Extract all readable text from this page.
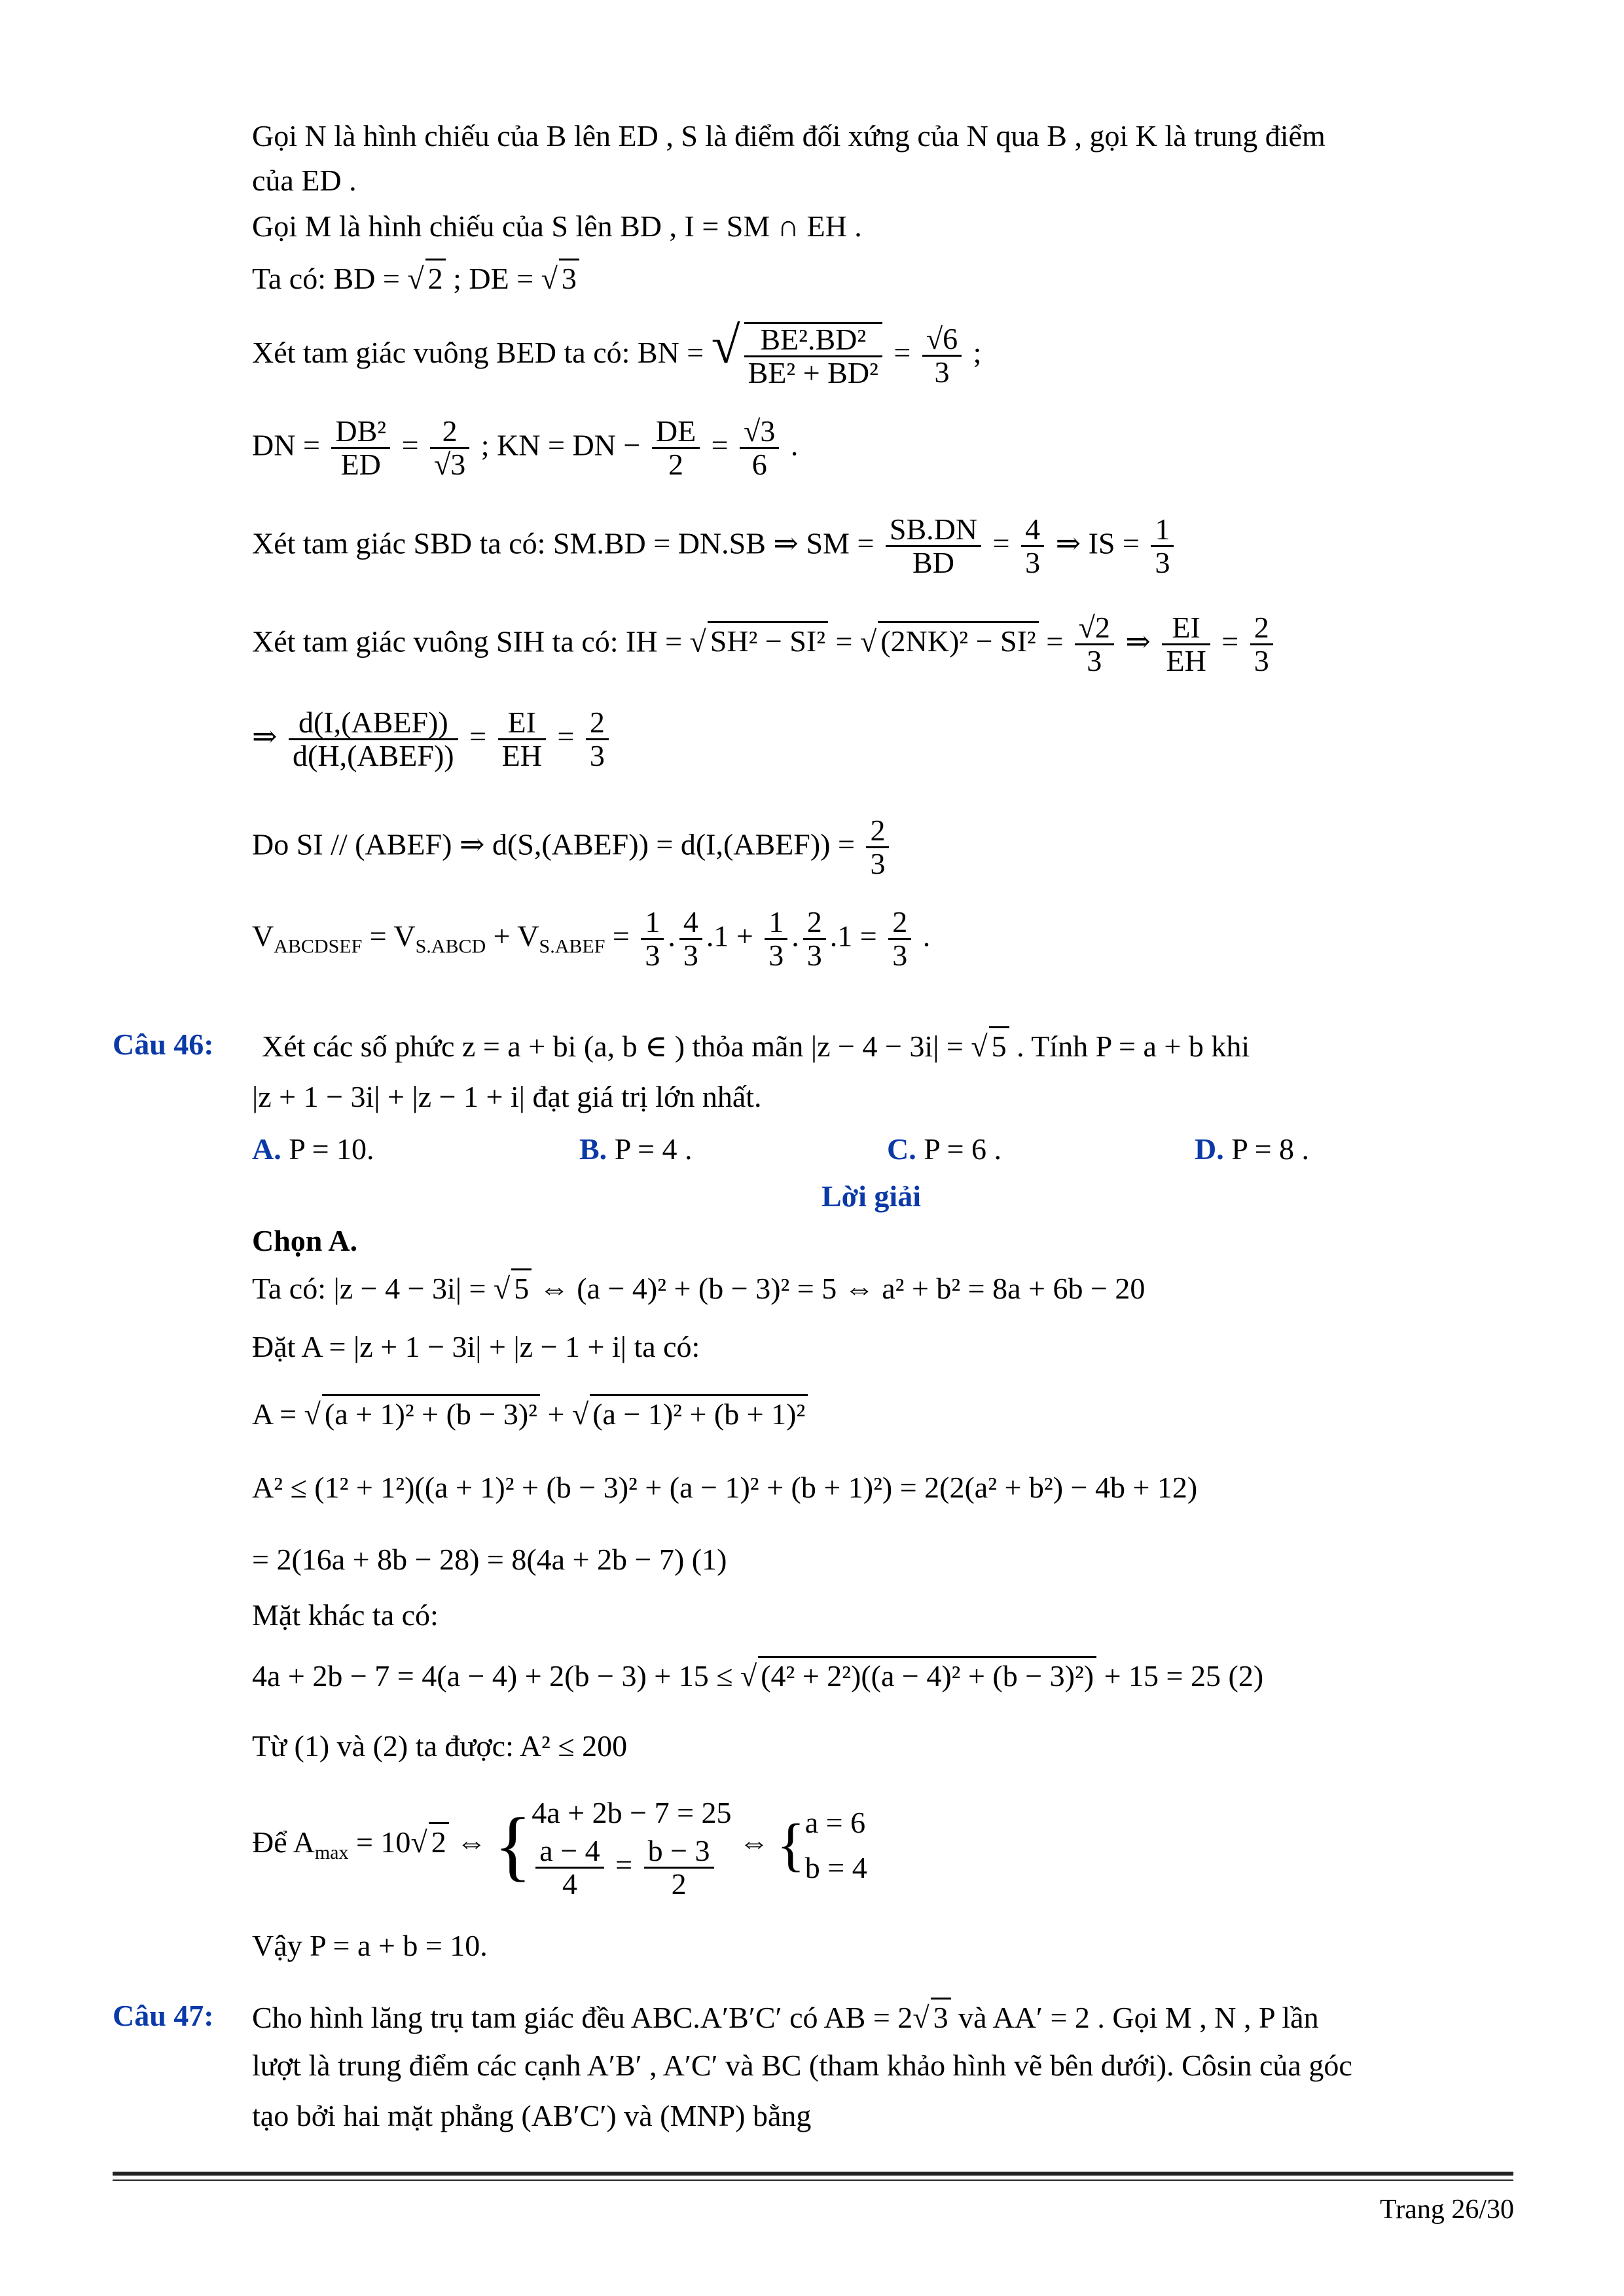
Gọi N là hình chiếu của B lên ED , S là điểm đối xứng của N qua B , gọi K là trung điểm
của ED .
Gọi M là hình chiếu của S lên BD , I = SM ∩ EH .
Ta có: BD = √ 2 ; DE = √ 3
Xét tam giác vuông BED ta có: BN = √ $\frac{\text{BE².BD²}}{\text{BE² + BD²}} = \frac{√6}{3}$ ;
DN = $\frac{\text{DB²}}{ED} = \frac{2}{√3}$ ; KN = DN − $\frac{DE}{2} = \frac{√3}{6}$ .
Xét tam giác SBD ta có: SM.BD = DN.SB ⇒ SM = $\frac{SB.DN}{BD} = \frac{4}{3}$ ⇒ IS = $\frac{1}{3}$
Xét tam giác vuông SIH ta có: IH = √ SH² − SI² = √ $(2NK)^2 - SI^2 = \frac{√2}{3}$ ⇒ $\frac{EI}{EH} = \frac{2}{3}$
⇒ $\frac{\text{d(I,(ABEF))}}{\text{d(H,(ABEF))}} = \frac{EI}{EH} = \frac{2}{3}$
Do SI // (ABEF) ⇒ d(S,(ABEF)) = d(I,(ABEF)) = $\frac{2}{3}$
$V_{ABCDSEF} = V_{S.ABCD} + V_{S.ABEF} = \frac{1}{3}$ . $\frac{4}{3} .1 + \frac{1}{3}$ . $\frac{2}{3} .1 = \frac{2}{3}$ .
Câu 46: Xét các số phức z = a + bi (a, b ∈ ) thỏa mãn |z − 4 − 3i| = √ 5 . Tính P = a + b khi
|z + 1 − 3i| + |z − 1 + i| đạt giá trị lớn nhất.
A. P = 10.	B. P = 4 .	C. P = 6 .	D. P = 8 .
Lời giải
Chọn A.
Ta có: |z − 4 − 3i| = √ 5 ⇔ (a − 4)² + (b − 3)² = 5 ⇔ a² + b² = 8a + 6b − 20
Đặt A = |z + 1 − 3i| + |z − 1 + i| ta có:
A = √ (a + 1)² + (b − 3)² + √ (a − 1)² + (b + 1)²
A² ≤ (1² + 1²)((a + 1)² + (b − 3)² + (a − 1)² + (b + 1)²) = 2(2(a² + b²) − 4b + 12)
= 2(16a + 8b − 28) = 8(4a + 2b − 7) (1)
Mặt khác ta có:
4a + 2b − 7 = 4(a − 4) + 2(b − 3) + 15 ≤ √ (4² + 2²)((a − 4)² + (b − 3)²) + 15 = 25 (2)
Từ (1) và (2) ta được: A² ≤ 200
Để $A_{max} = 10√$ 2 ⇔ { 4a + 2b − 7 = 25
$\frac{a - 4}{4} = \frac{b - 3}{2}$ ⇔ { a = 6
b = 4
Vậy P = a + b = 10.
Câu 47: Cho hình lăng trụ tam giác đều ABC.A′B′C′ có AB = 2√ 3 và AA′ = 2 . Gọi M , N , P lần
lượt là trung điểm các cạnh A′B′ , A′C′ và BC (tham khảo hình vẽ bên dưới). Côsin của góc
tạo bởi hai mặt phẳng (AB′C′) và (MNP) bằng
Trang 26/30
